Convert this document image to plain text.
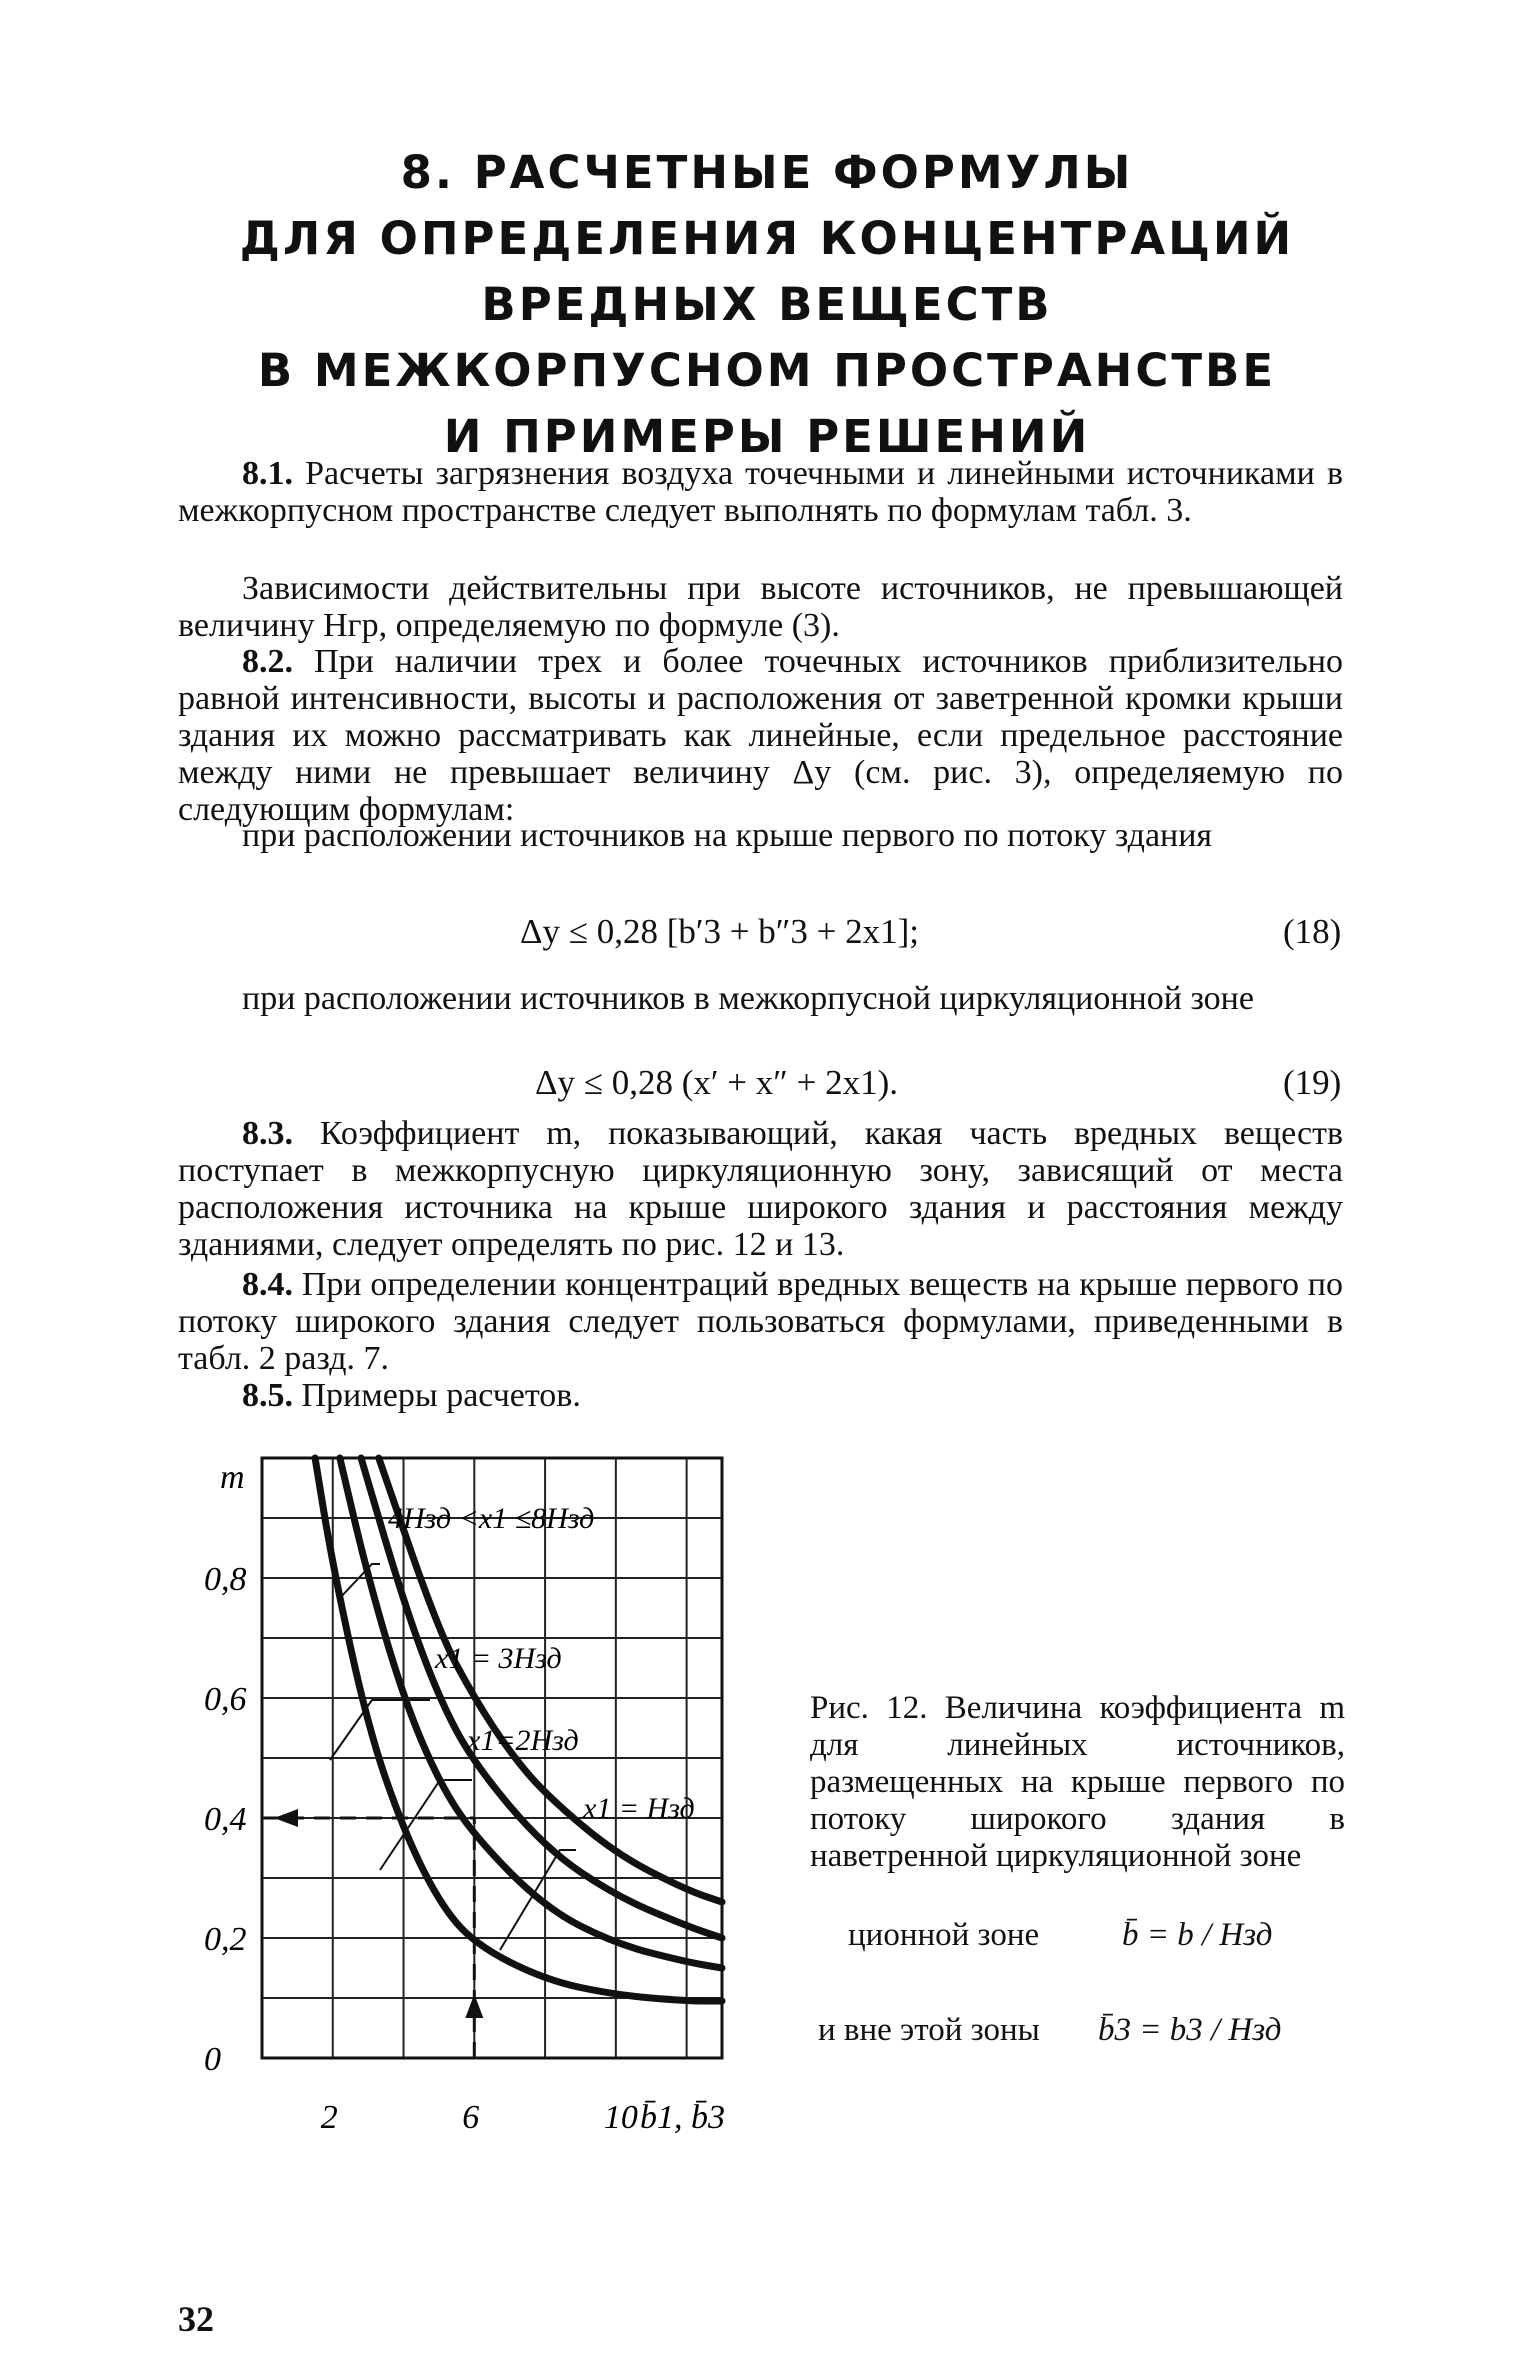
8. РАСЧЕТНЫЕ ФОРМУЛЫ
ДЛЯ ОПРЕДЕЛЕНИЯ КОНЦЕНТРАЦИЙ
ВРЕДНЫХ ВЕЩЕСТВ
В МЕЖКОРПУСНОМ ПРОСТРАНСТВЕ
И ПРИМЕРЫ РЕШЕНИЙ
8.1. Расчеты загрязнения воздуха точечными и линейными источниками в межкорпусном пространстве следует выполнять по формулам табл. 3.
Зависимости действительны при высоте источников, не превышающей величину Hгр, определяемую по формуле (3).
8.2. При наличии трех и более точечных источников приблизительно равной интенсивности, высоты и расположения от заветренной кромки крыши здания их можно рассматривать как линейные, если предельное расстояние между ними не превышает величину Δy (см. рис. 3), определяемую по следующим формулам:
при расположении источников на крыше первого по потоку здания
Δy ≤ 0,28 [b′3 + b″3 + 2x1];	(18)
при расположении источников в межкорпусной циркуляционной зоне
Δy ≤ 0,28 (x′ + x″ + 2x1).	(19)
8.3. Коэффициент m, показывающий, какая часть вредных веществ поступает в межкорпусную циркуляционную зону, зависящий от места расположения источника на крыше широкого здания и расстояния между зданиями, следует определять по рис. 12 и 13.
8.4. При определении концентраций вредных веществ на крыше первого по потоку широкого здания следует пользоваться формулами, приведенными в табл. 2 разд. 7.
8.5. Примеры расчетов.
0
0,2
0,4
0,6
0,8
2	6	10
4Hзд <x1 ≤8Hзд
x1 = 3Hзд
x1=2Hзд
x1 = Hзд
m
b̄1, b̄3
Рис. 12. Величина коэффициента m для линейных источников, размещенных на крыше первого по потоку широкого здания в наветренной циркуляционной зоне
ционной зоне	b̄ = b / Hзд
и вне этой зоны b̄3 = b3 / Hзд
32
